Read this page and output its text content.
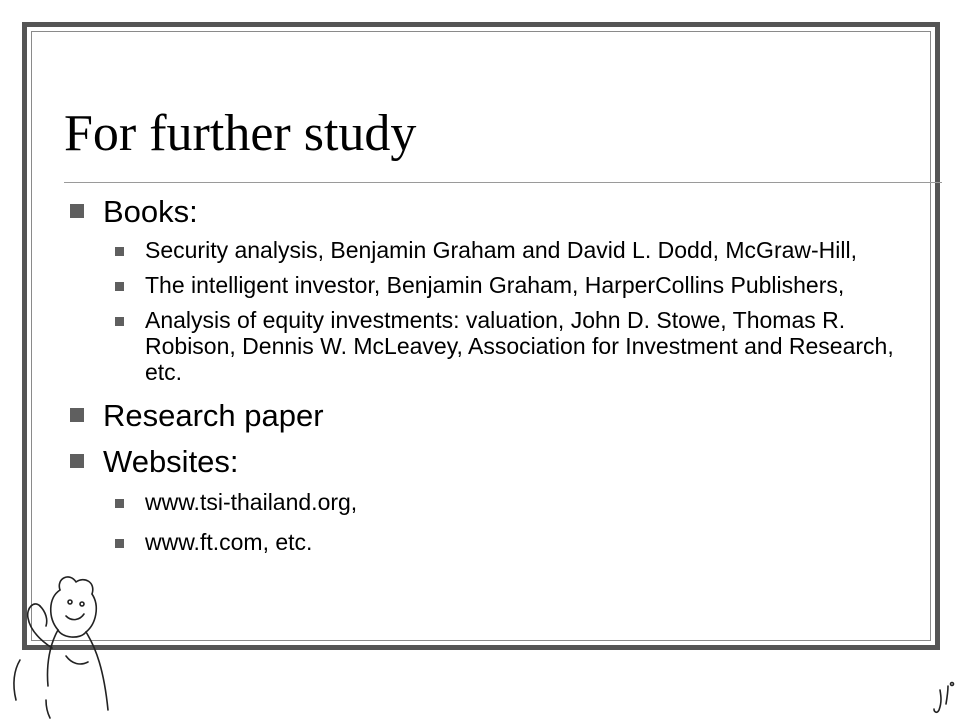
For further study
Books:
Security analysis, Benjamin Graham and David L. Dodd, McGraw-Hill,
The intelligent investor, Benjamin Graham, HarperCollins Publishers,
Analysis of equity investments: valuation, John D. Stowe, Thomas R. Robison, Dennis W. McLeavey, Association for Investment and Research, etc.
Research paper
Websites:
www.tsi-thailand.org,
www.ft.com, etc.
